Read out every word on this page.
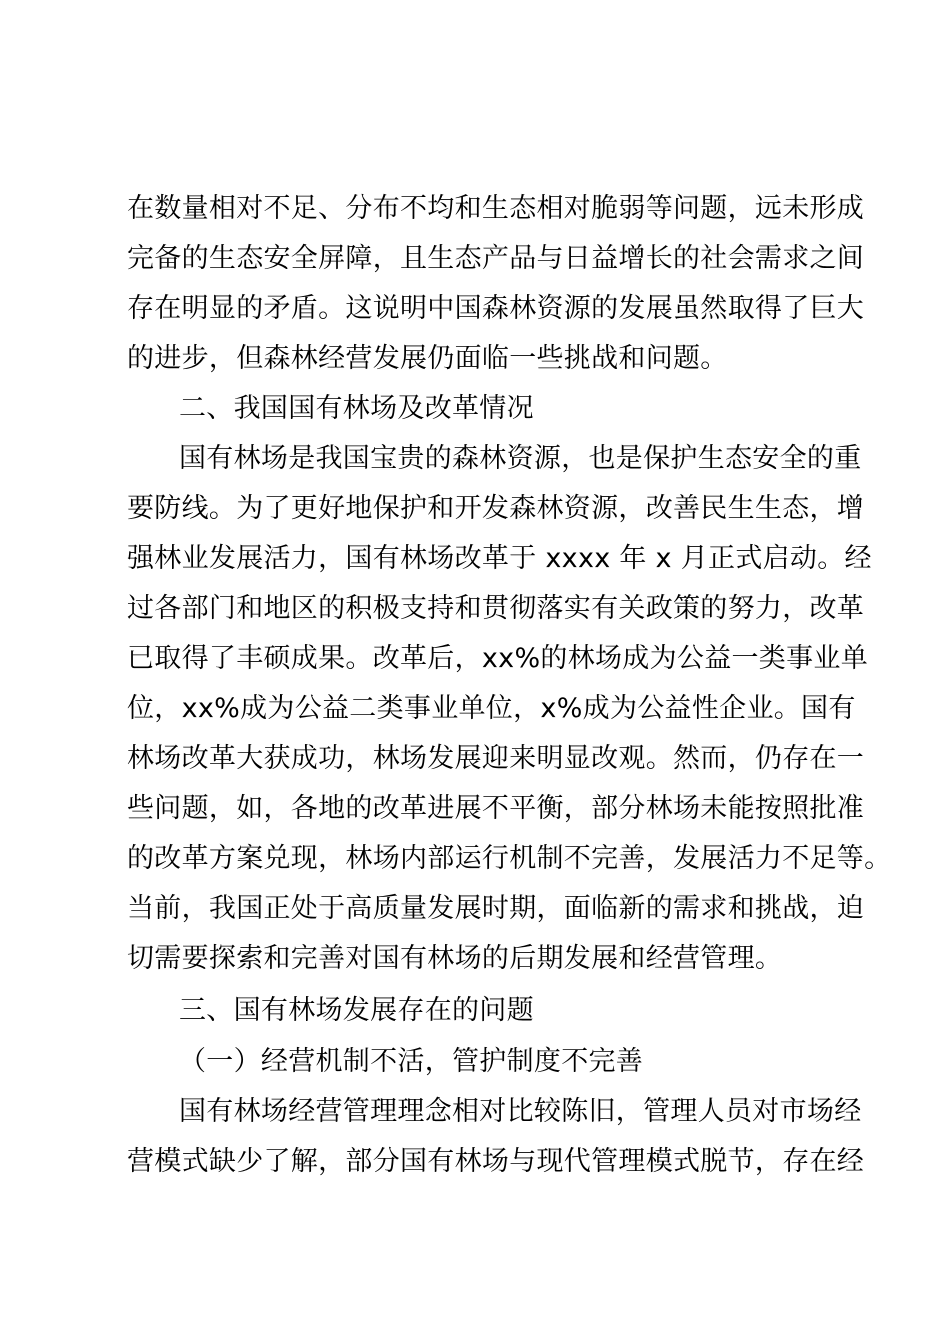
在数量相对不足、分布不均和生态相对脆弱等问题，远未形成
完备的生态安全屏障，且生态产品与日益增长的社会需求之间
存在明显的矛盾。这说明中国森林资源的发展虽然取得了巨大
的进步，但森林经营发展仍面临一些挑战和问题。
二、我国国有林场及改革情况
国有林场是我国宝贵的森林资源，也是保护生态安全的重
要防线。为了更好地保护和开发森林资源，改善民生生态，增
强林业发展活力，国有林场改革于 xxxx 年 x 月正式启动。经
过各部门和地区的积极支持和贯彻落实有关政策的努力，改革
已取得了丰硕成果。改革后，xx%的林场成为公益一类事业单
位，xx%成为公益二类事业单位，x%成为公益性企业。国有
林场改革大获成功，林场发展迎来明显改观。然而，仍存在一
些问题，如，各地的改革进展不平衡，部分林场未能按照批准
的改革方案兑现，林场内部运行机制不完善，发展活力不足等。
当前，我国正处于高质量发展时期，面临新的需求和挑战，迫
切需要探索和完善对国有林场的后期发展和经营管理。
三、国有林场发展存在的问题
（一）经营机制不活，管护制度不完善
国有林场经营管理理念相对比较陈旧，管理人员对市场经
营模式缺少了解，部分国有林场与现代管理模式脱节，存在经
